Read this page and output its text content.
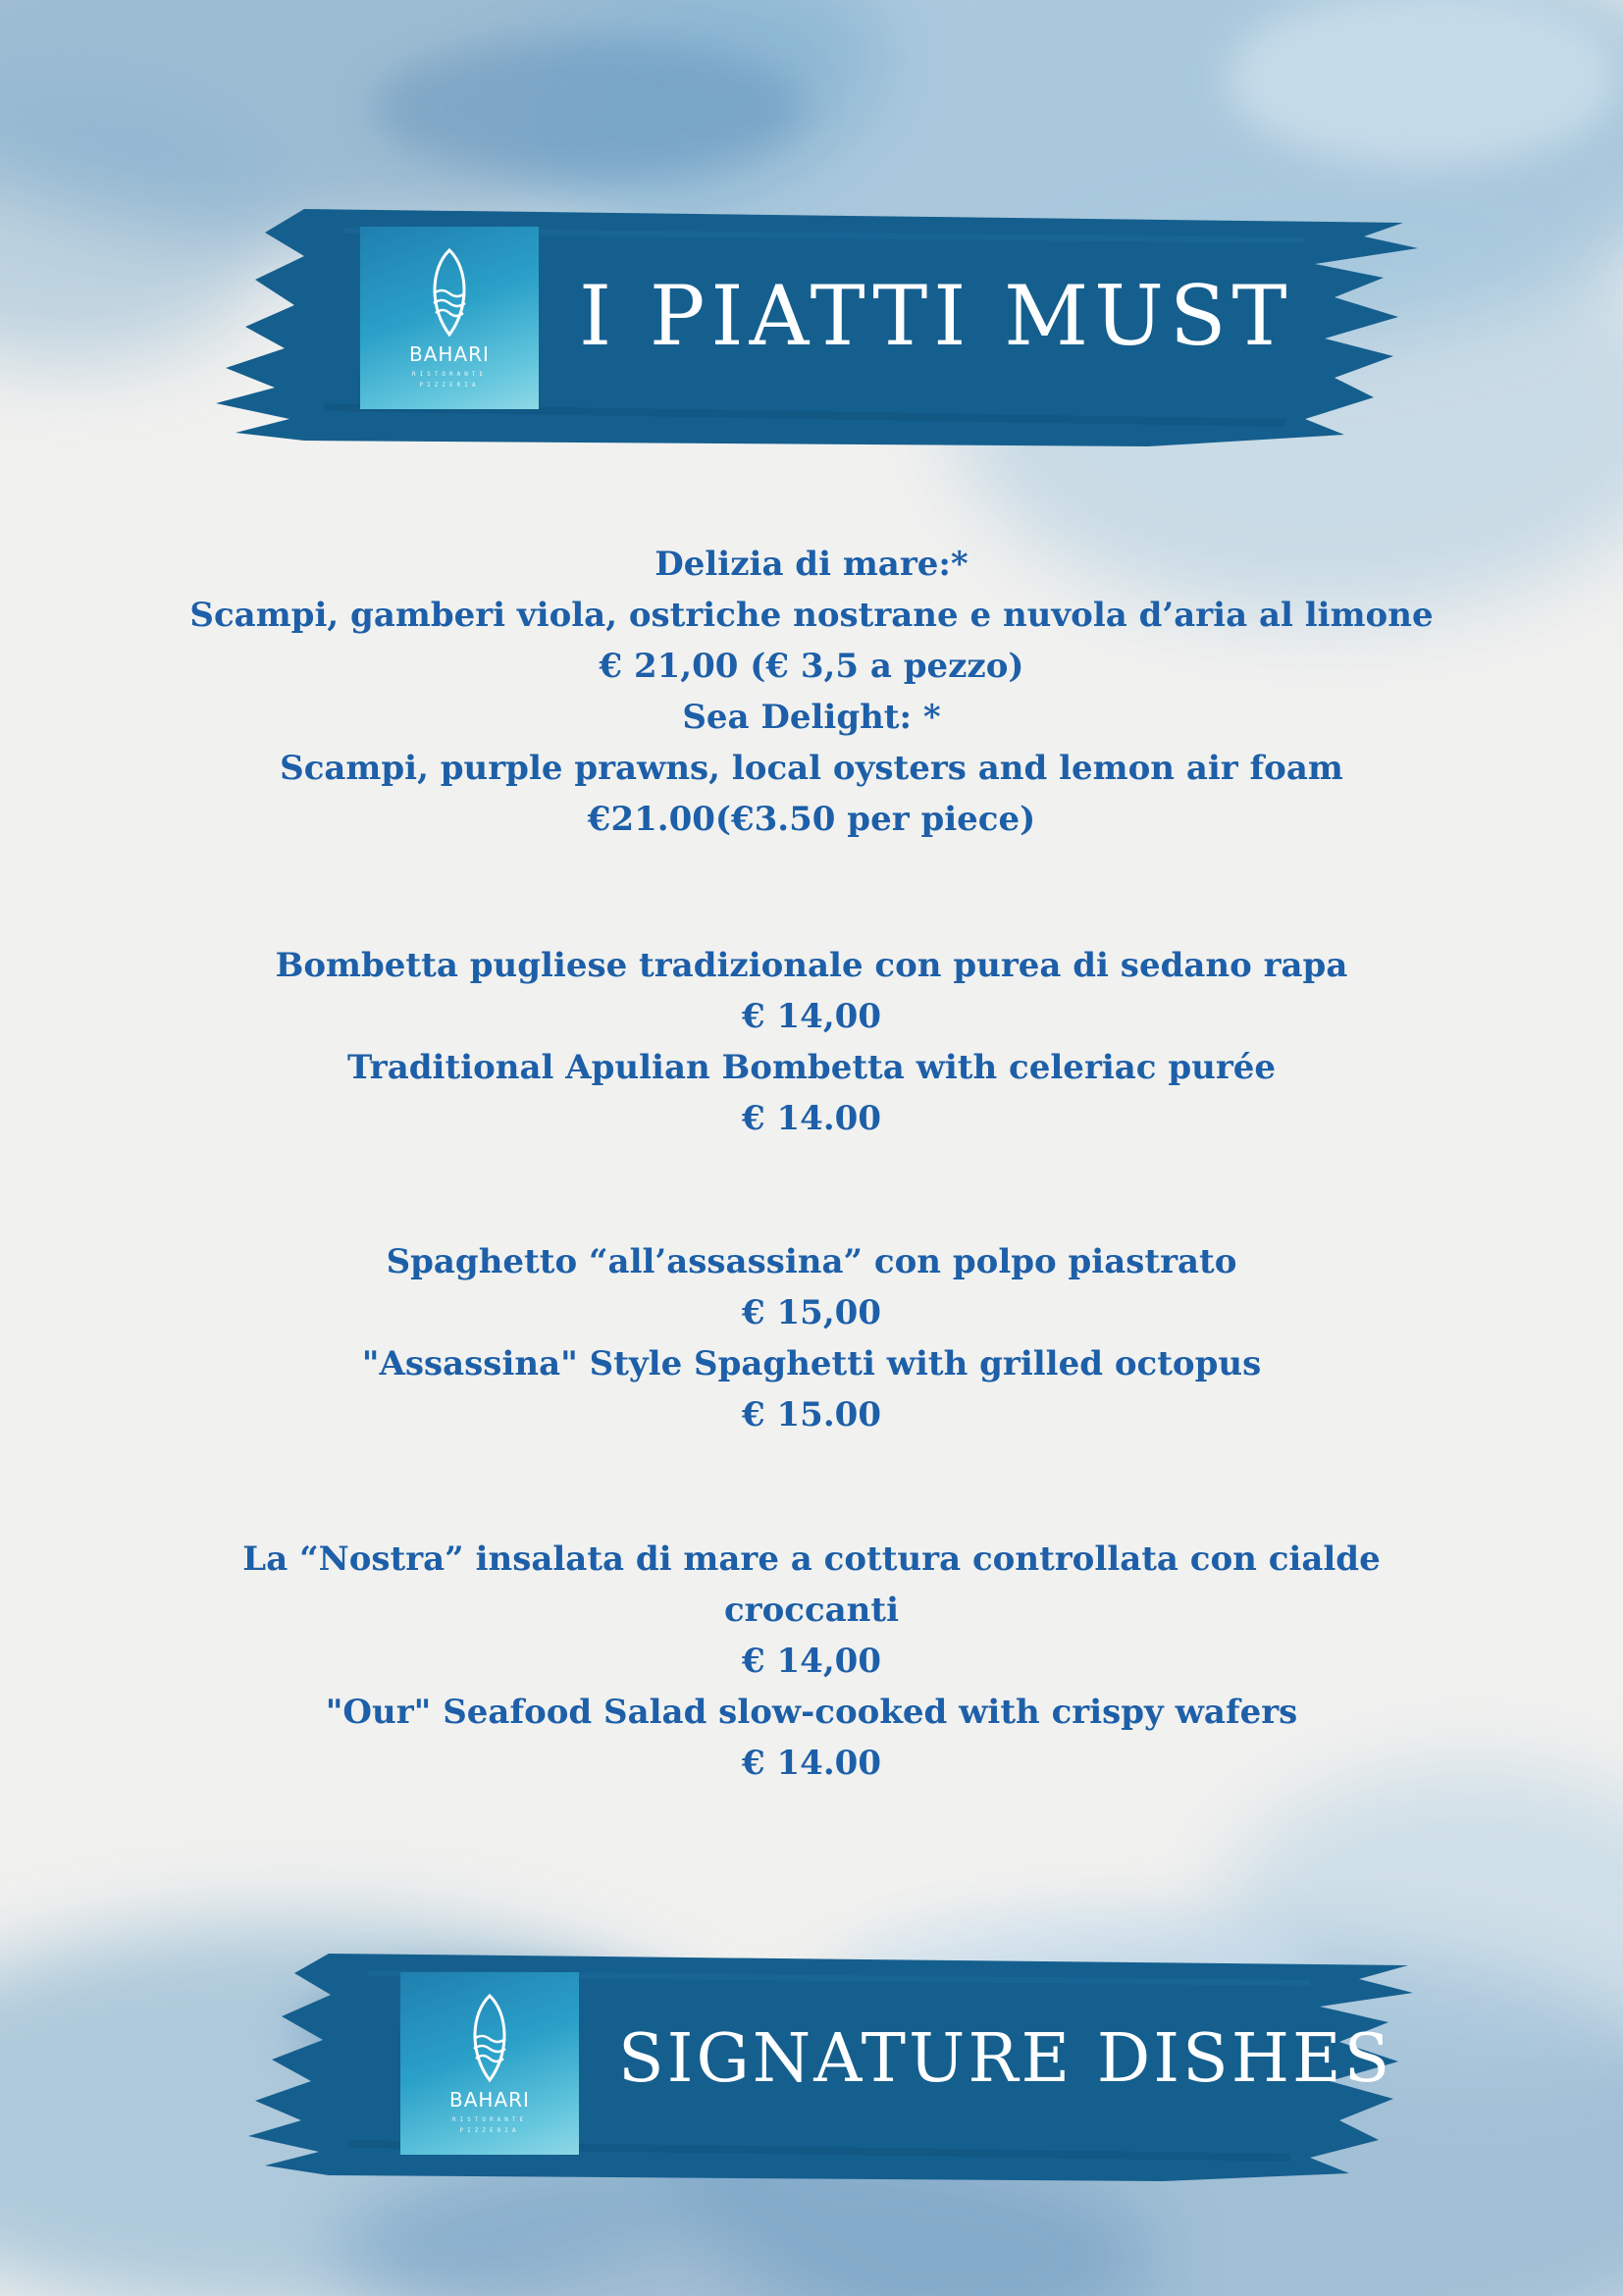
BAHARI
RISTORANTE
PIZZERIA
I PIATTI MUST
Delizia di mare:*
Scampi, gamberi viola, ostriche nostrane e nuvola d’aria al limone
€ 21,00 (€ 3,5 a pezzo)
Sea Delight: *
Scampi, purple prawns, local oysters and lemon air foam
€21.00(€3.50 per piece)
Bombetta pugliese tradizionale con purea di sedano rapa
€ 14,00
Traditional Apulian Bombetta with celeriac purée
€ 14.00
Spaghetto “all’assassina” con polpo piastrato
€ 15,00
"Assassina" Style Spaghetti with grilled octopus
€ 15.00
La “Nostra” insalata di mare a cottura controllata con cialde
croccanti
€ 14,00
"Our" Seafood Salad slow-cooked with crispy wafers
€ 14.00
BAHARI
RISTORANTE
PIZZERIA
SIGNATURE DISHES
